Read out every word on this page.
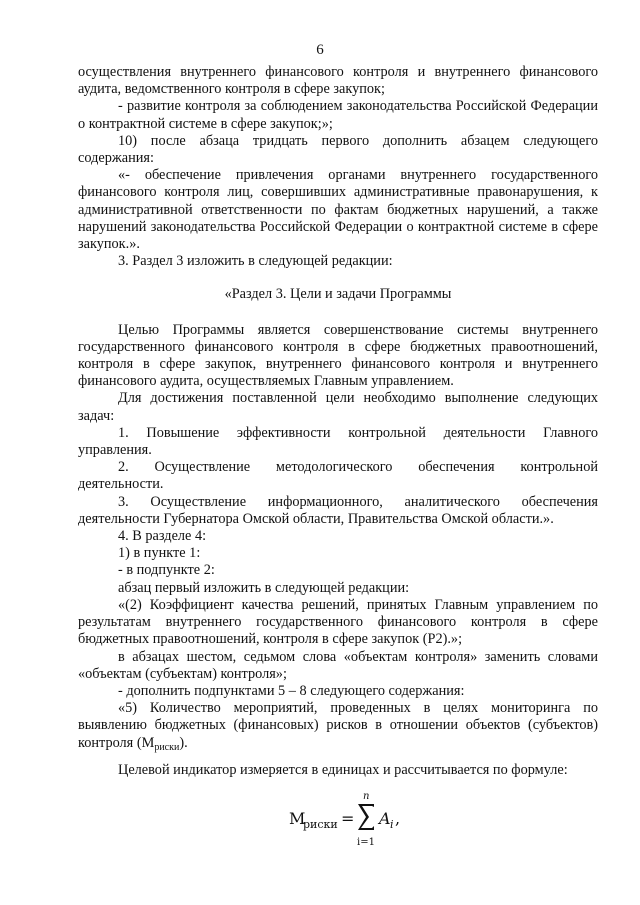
6

осуществления внутреннего финансового контроля и внутреннего финансового аудита, ведомственного контроля в сфере закупок;

- развитие контроля за соблюдением законодательства Российской Федерации о контрактной системе в сфере закупок;»;

10) после абзаца тридцать первого дополнить абзацем следующего содержания:

«- обеспечение привлечения органами внутреннего государственного финансового контроля лиц, совершивших административные правонарушения, к административной ответственности по фактам бюджетных нарушений, а также нарушений законодательства Российской Федерации о контрактной системе в сфере закупок.».

3. Раздел 3 изложить в следующей редакции:

«Раздел 3. Цели и задачи Программы

Целью Программы является совершенствование системы внутреннего государственного финансового контроля в сфере бюджетных правоотношений, контроля в сфере закупок, внутреннего финансового контроля и внутреннего финансового аудита, осуществляемых Главным управлением.

Для достижения поставленной цели необходимо выполнение следующих задач:

1. Повышение эффективности контрольной деятельности Главного управления.

2. Осуществление методологического обеспечения контрольной деятельности.

3. Осуществление информационного, аналитического обеспечения деятельности Губернатора Омской области, Правительства Омской области.».

4. В разделе 4:

1) в пункте 1:

- в подпункте 2:

абзац первый изложить в следующей редакции:

«(2) Коэффициент качества решений, принятых Главным управлением по результатам внутреннего государственного финансового контроля в сфере бюджетных правоотношений, контроля в сфере закупок (Р2).»;

в абзацах шестом, седьмом слова «объектам контроля» заменить словами «объектам (субъектам) контроля»;

- дополнить подпунктами 5 – 8 следующего содержания:

«5) Количество мероприятий, проведенных в целях мониторинга по выявлению бюджетных (финансовых) рисков в отношении объектов (субъектов) контроля $(М_{риски})$.

Целевой индикатор измеряется в единицах и рассчитывается по формуле:

М
риски =
n
i=1
A i ,
